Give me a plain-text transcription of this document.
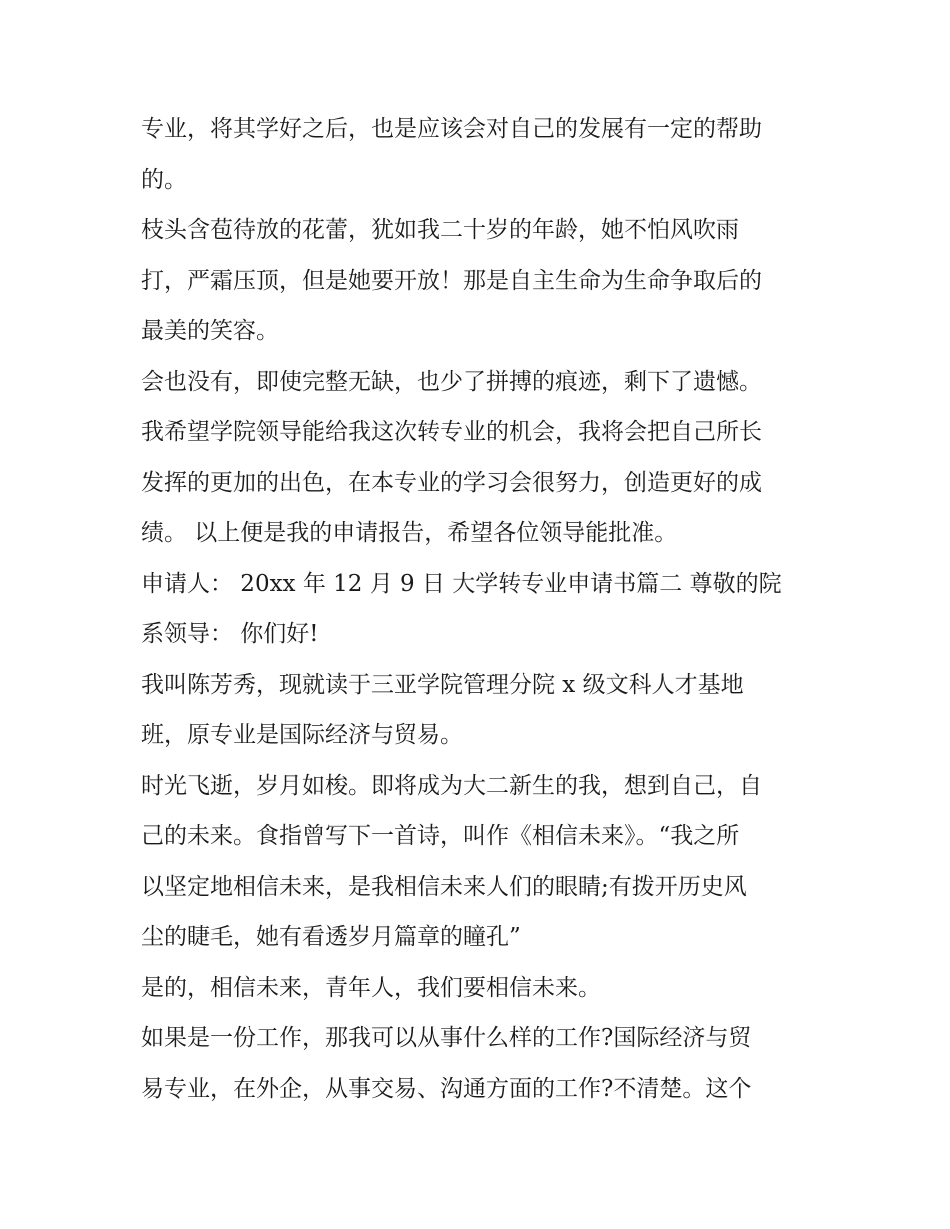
专业，将其学好之后，也是应该会对自己的发展有一定的帮助
的。
枝头含苞待放的花蕾，犹如我二十岁的年龄，她不怕风吹雨
打，严霜压顶，但是她要开放！那是自主生命为生命争取后的
最美的笑容。
会也没有，即使完整无缺，也少了拼搏的痕迹，剩下了遗憾。
我希望学院领导能给我这次转专业的机会，我将会把自己所长
发挥的更加的出色，在本专业的学习会很努力，创造更好的成
绩。 以上便是我的申请报告，希望各位领导能批准。
申请人： 20xx 年 12 月 9 日 大学转专业申请书篇二 尊敬的院
系领导： 你们好!
我叫陈芳秀，现就读于三亚学院管理分院 x 级文科人才基地
班，原专业是国际经济与贸易。
时光飞逝，岁月如梭。即将成为大二新生的我，想到自己，自
己的未来。食指曾写下一首诗，叫作《相信未来》。“我之所
以坚定地相信未来，是我相信未来人们的眼睛;有拨开历史风
尘的睫毛，她有看透岁月篇章的瞳孔”
是的，相信未来，青年人，我们要相信未来。
如果是一份工作，那我可以从事什么样的工作?国际经济与贸
易专业，在外企，从事交易、沟通方面的工作?不清楚。这个
